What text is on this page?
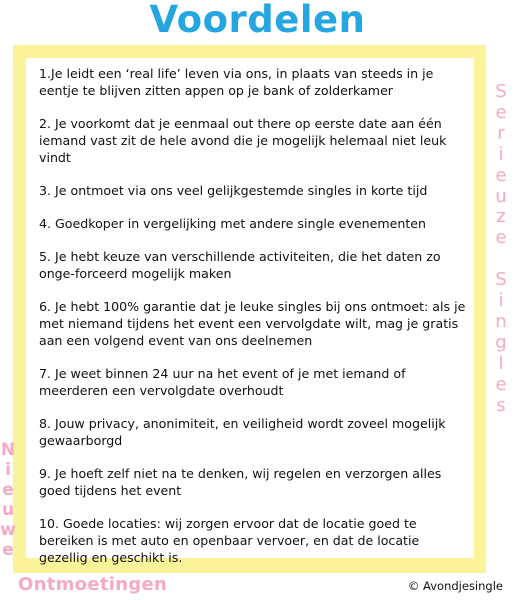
Voordelen
1.Je leidt een ‘real life’ leven via ons, in plaats van steeds in je eentje te blijven zitten appen op je bank of zolderkamer
2. Je voorkomt dat je eenmaal out there op eerste date aan één iemand vast zit de hele avond die je mogelijk helemaal niet leuk vindt
3. Je ontmoet via ons veel gelijkgestemde singles in korte tijd
4. Goedkoper in vergelijking met andere single evenementen
5. Je hebt keuze van verschillende activiteiten, die het daten zo onge-forceerd mogelijk maken
6. Je hebt 100% garantie dat je leuke singles bij ons ontmoet: als je met niemand tijdens het event een vervolgdate wilt, mag je gratis aan een volgend event van ons deelnemen
7. Je weet binnen 24 uur na het event of je met iemand of meerderen een vervolgdate overhoudt
8. Jouw privacy, anonimiteit, en veiligheid wordt zoveel mogelijk gewaarborgd
9. Je hoeft zelf niet na te denken, wij regelen en verzorgen alles goed tijdens het event
10. Goede locaties: wij zorgen ervoor dat de locatie goed te bereiken is met auto en openbaar vervoer, en dat de locatie gezellig en geschikt is.
S
e
r
i
e
u
z
e

S
i
n
g
l
e
s
N
i
e
u
w
e
Ontmoetingen	© Avondjesingle
